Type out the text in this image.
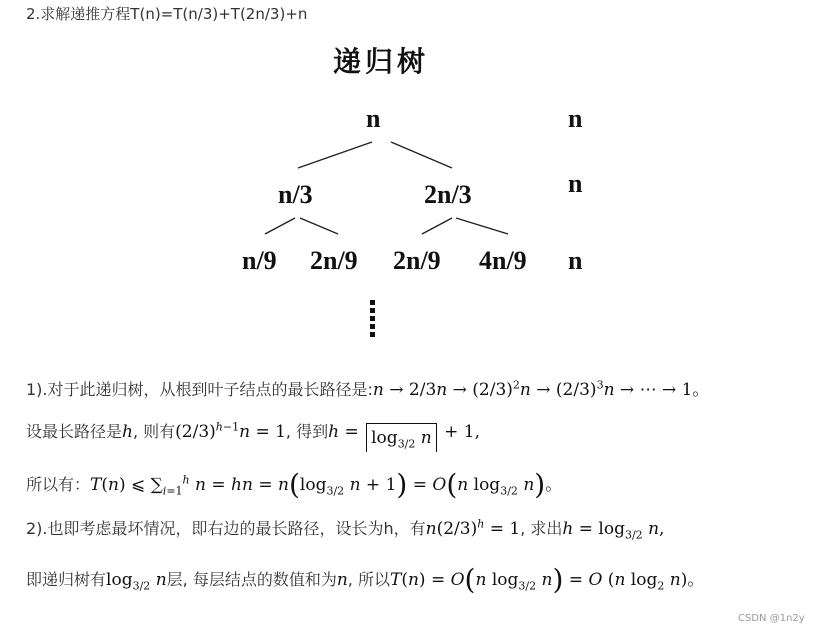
2.求解递推方程T(n)=T(n/3)+T(2n/3)+n
递归树
n
n/3	2n/3
n/9 2n/9 2n/9 4n/9
n
n
n
1).对于此递归树，从根到叶子结点的最长路径是:n → $2/3n \to (2/3)^2n \to (2/3)^3n$ → ⋯ → 1。
设最长路径是h, 则有$(2/3)^{h-1}n = 1$, 得到$h = \log_{3/2} n + 1$,
所以有：T(n) ⩽ $\sum_{i=1}^h$ n = hn = $n(\log_{3/2}$ n + 1) = O(n $\log_{3/2} n$)。
2).也即考虑最坏情况，即右边的最长路径，设长为h，有$n(2/3)^h = 1$, 求出$h = \log_{3/2} n$,
即递归树有$\log_{3/2} n$层, 每层结点的数值和为n, 所以T(n) = O(n $\log_{3/2} n) = O$ (n $\log_2 n$)。
CSDN @1n2y
